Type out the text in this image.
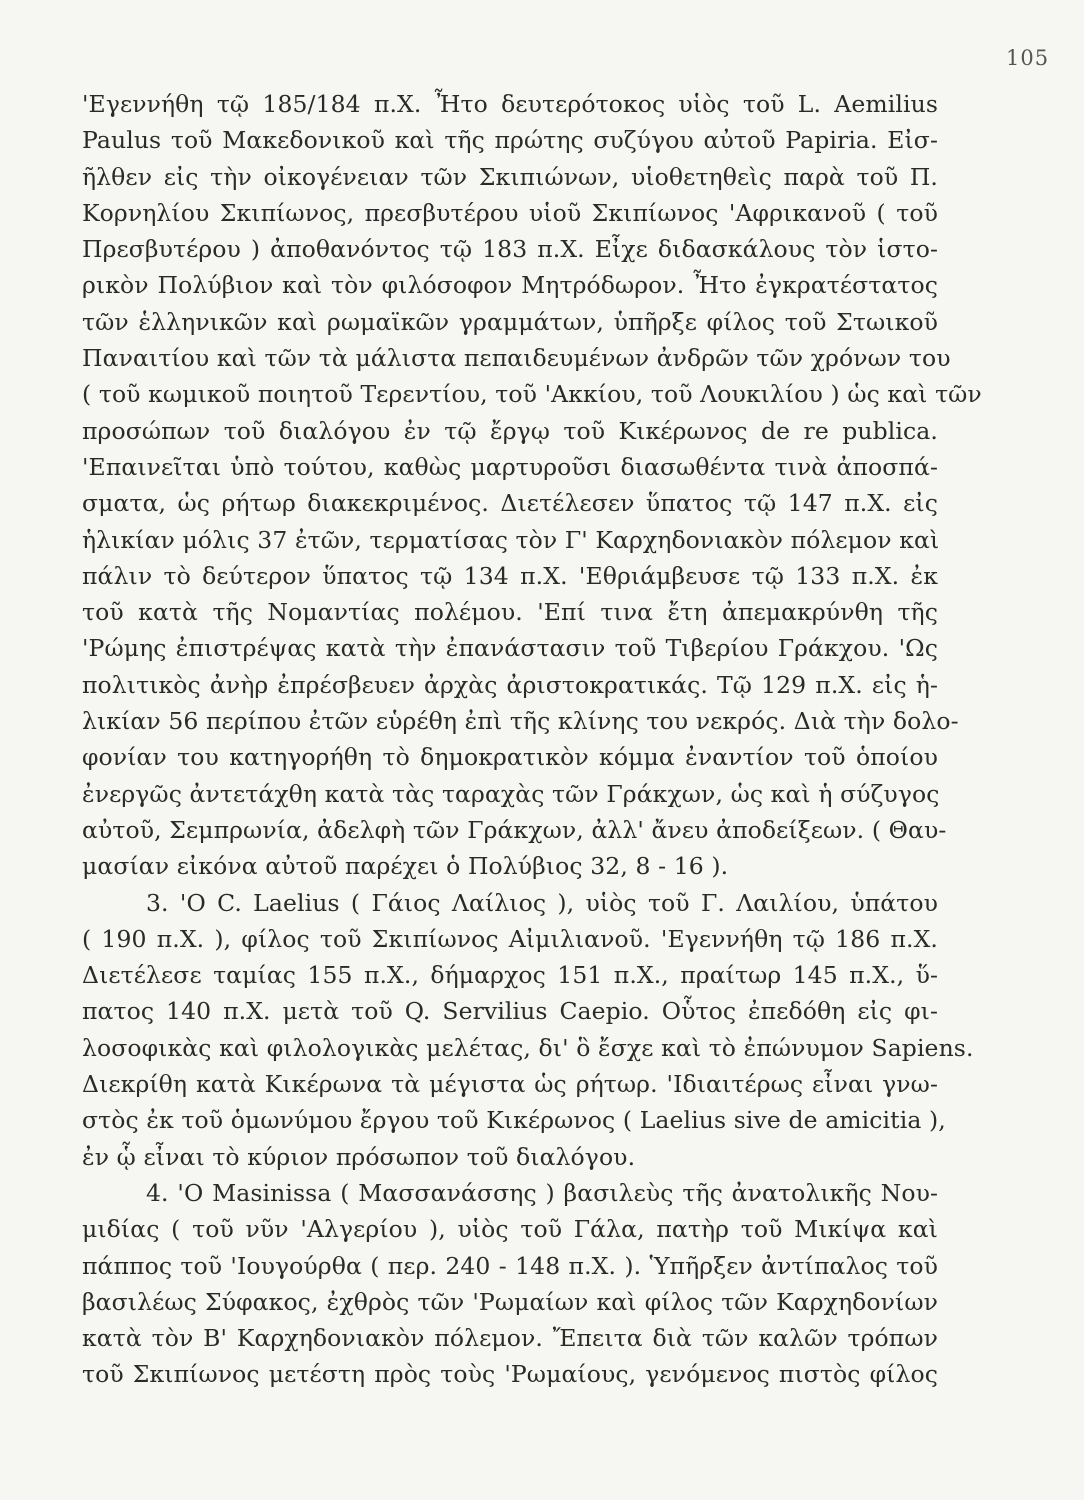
105
'Εγεννήθη τῷ 185/184 π.Χ. Ἦτο δευτερότοκος υἱὸς τοῦ L. Aemilius
Paulus τοῦ Μακεδονικοῦ καὶ τῆς πρώτης συζύγου αὐτοῦ Papiria. Εἰσ-
ῆλθεν εἰς τὴν οἰκογένειαν τῶν Σκιπιώνων, υἱοθετηθεὶς παρὰ τοῦ Π.
Κορνηλίου Σκιπίωνος, πρεσβυτέρου υἱοῦ Σκιπίωνος 'Αφρικανοῦ ( τοῦ
Πρεσβυτέρου ) ἀποθανόντος τῷ 183 π.Χ. Εἶχε διδασκάλους τὸν ἱστο-
ρικὸν Πολύβιον καὶ τὸν φιλόσοφον Μητρόδωρον. Ἦτο ἐγκρατέστατος
τῶν ἑλληνικῶν καὶ ρωμαϊκῶν γραμμάτων, ὑπῆρξε φίλος τοῦ Στωικοῦ
Παναιτίου καὶ τῶν τὰ μάλιστα πεπαιδευμένων ἀνδρῶν τῶν χρόνων του
( τοῦ κωμικοῦ ποιητοῦ Τερεντίου, τοῦ 'Ακκίου, τοῦ Λουκιλίου ) ὡς καὶ τῶν
προσώπων τοῦ διαλόγου ἐν τῷ ἔργῳ τοῦ Κικέρωνος de re publica.
'Επαινεῖται ὑπὸ τούτου, καθὼς μαρτυροῦσι διασωθέντα τινὰ ἀποσπά-
σματα, ὡς ρήτωρ διακεκριμένος. Διετέλεσεν ὕπατος τῷ 147 π.Χ. εἰς
ἡλικίαν μόλις 37 ἐτῶν, τερματίσας τὸν Γ' Καρχηδονιακὸν πόλεμον καὶ
πάλιν τὸ δεύτερον ὕπατος τῷ 134 π.Χ. 'Εθριάμβευσε τῷ 133 π.Χ. ἐκ
τοῦ κατὰ τῆς Νομαντίας πολέμου. 'Επί τινα ἔτη ἀπεμακρύνθη τῆς
'Ρώμης ἐπιστρέψας κατὰ τὴν ἐπανάστασιν τοῦ Τιβερίου Γράκχου. 'Ως
πολιτικὸς ἀνὴρ ἐπρέσβευεν ἀρχὰς ἀριστοκρατικάς. Τῷ 129 π.Χ. εἰς ἡ-
λικίαν 56 περίπου ἐτῶν εὑρέθη ἐπὶ τῆς κλίνης του νεκρός. Διὰ τὴν δολο-
φονίαν του κατηγορήθη τὸ δημοκρατικὸν κόμμα ἐναντίον τοῦ ὁποίου
ἐνεργῶς ἀντετάχθη κατὰ τὰς ταραχὰς τῶν Γράκχων, ὡς καὶ ἡ σύζυγος
αὐτοῦ, Σεμπρωνία, ἀδελφὴ τῶν Γράκχων, ἀλλ' ἄνευ ἀποδείξεων. ( Θαυ-
μασίαν εἰκόνα αὐτοῦ παρέχει ὁ Πολύβιος 32, 8 - 16 ).
3. 'Ο C. Laelius ( Γάιος Λαίλιος ), υἱὸς τοῦ Γ. Λαιλίου, ὑπάτου
( 190 π.Χ. ), φίλος τοῦ Σκιπίωνος Αἰμιλιανοῦ. 'Εγεννήθη τῷ 186 π.Χ.
Διετέλεσε ταμίας 155 π.Χ., δήμαρχος 151 π.Χ., πραίτωρ 145 π.Χ., ὕ-
πατος 140 π.Χ. μετὰ τοῦ Q. Servilius Caepio. Οὗτος ἐπεδόθη εἰς φι-
λοσοφικὰς καὶ φιλολογικὰς μελέτας, δι' ὃ ἔσχε καὶ τὸ ἐπώνυμον Sapiens.
Διεκρίθη κατὰ Κικέρωνα τὰ μέγιστα ὡς ρήτωρ. 'Ιδιαιτέρως εἶναι γνω-
στὸς ἐκ τοῦ ὁμωνύμου ἔργου τοῦ Κικέρωνος ( Laelius sive de amicitia ),
ἐν ᾧ εἶναι τὸ κύριον πρόσωπον τοῦ διαλόγου.
4. 'Ο Masinissa ( Μασσανάσσης ) βασιλεὺς τῆς ἀνατολικῆς Νου-
μιδίας ( τοῦ νῦν 'Αλγερίου ), υἱὸς τοῦ Γάλα, πατὴρ τοῦ Μικίψα καὶ
πάππος τοῦ 'Ιουγούρθα ( περ. 240 - 148 π.Χ. ). Ὑπῆρξεν ἀντίπαλος τοῦ
βασιλέως Σύφακος, ἐχθρὸς τῶν 'Ρωμαίων καὶ φίλος τῶν Καρχηδονίων
κατὰ τὸν Β' Καρχηδονιακὸν πόλεμον. Ἔπειτα διὰ τῶν καλῶν τρόπων
τοῦ Σκιπίωνος μετέστη πρὸς τοὺς 'Ρωμαίους, γενόμενος πιστὸς φίλος
